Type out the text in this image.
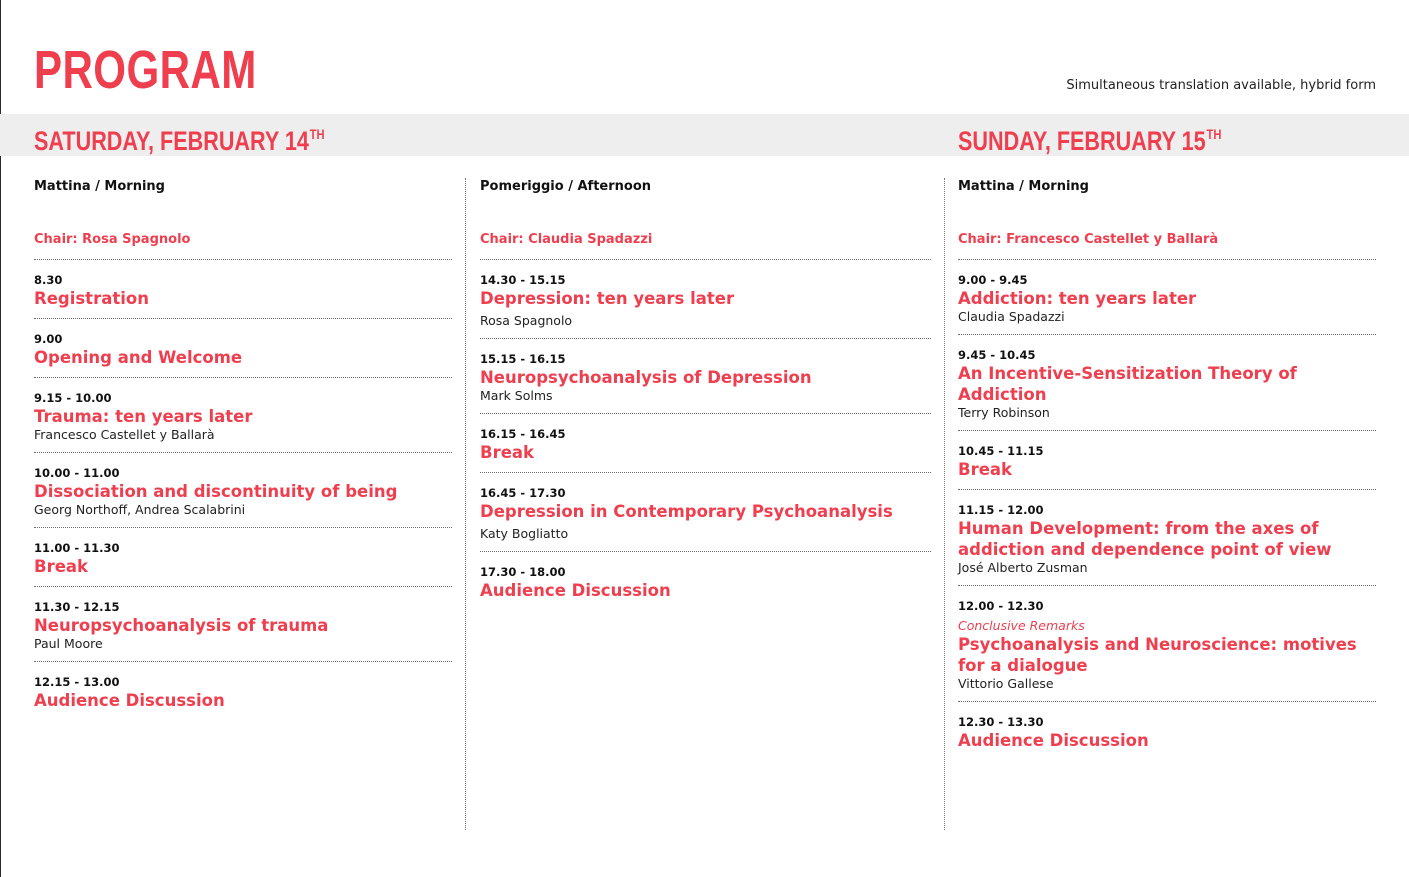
PROGRAM	Simultaneous translation available, hybrid form
SATURDAY, FEBRUARY 14TH	SUNDAY, FEBRUARY 15TH
Mattina / Morning
Chair: Rosa Spagnolo
8.30
Registration
9.00
Opening and Welcome
9.15 - 10.00
Trauma: ten years later
Francesco Castellet y Ballarà
10.00 - 11.00
Dissociation and discontinuity of being
Georg Northoff, Andrea Scalabrini
11.00 - 11.30
Break
11.30 - 12.15
Neuropsychoanalysis of trauma
Paul Moore
12.15 - 13.00
Audience Discussion
Pomeriggio / Afternoon
Chair: Claudia Spadazzi
14.30 - 15.15
Depression: ten years later
Rosa Spagnolo
15.15 - 16.15
Neuropsychoanalysis of Depression
Mark Solms
16.15 - 16.45
Break
16.45 - 17.30
Depression in Contemporary Psychoanalysis
Katy Bogliatto
17.30 - 18.00
Audience Discussion
Mattina / Morning
Chair: Francesco Castellet y Ballarà
9.00 - 9.45
Addiction: ten years later
Claudia Spadazzi
9.45 - 10.45
An Incentive-Sensitization Theory of Addiction
Terry Robinson
10.45 - 11.15
Break
11.15 - 12.00
Human Development: from the axes of addiction and dependence point of view
José Alberto Zusman
12.00 - 12.30
Conclusive Remarks
Psychoanalysis and Neuroscience: motives for a dialogue
Vittorio Gallese
12.30 - 13.30
Audience Discussion
